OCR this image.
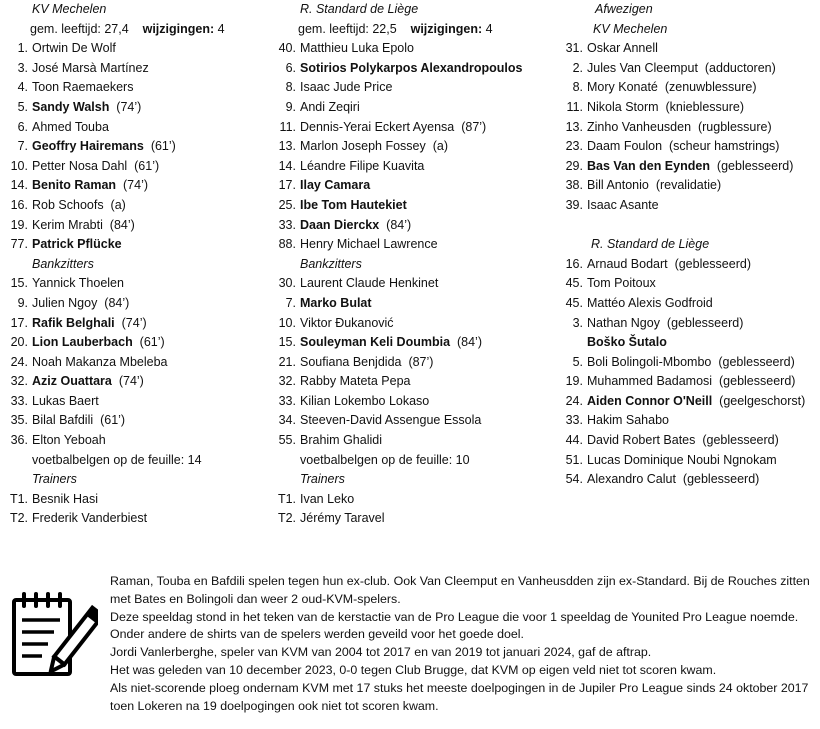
KV Mechelen
gem. leeftijd: 27,4 wijzigingen: 4
1. Ortwin De Wolf
3. José Marsà Martínez
4. Toon Raemaekers
5. Sandy Walsh (74’)
6. Ahmed Touba
7. Geoffry Hairemans (61’)
10. Petter Nosa Dahl (61’)
14. Benito Raman (74’)
16. Rob Schoofs (a)
19. Kerim Mrabti (84’)
77. Patrick Pflücke
Bankzitters
15. Yannick Thoelen
9. Julien Ngoy (84’)
17. Rafik Belghali (74’)
20. Lion Lauberbach (61’)
24. Noah Makanza Mbeleba
32. Aziz Ouattara (74’)
33. Lukas Baert
35. Bilal Bafdili (61’)
36. Elton Yeboah
voetbalbelgen op de feuille: 14
Trainers
T1. Besnik Hasi
T2. Frederik Vanderbiest
R. Standard de Liège
gem. leeftijd: 22,5 wijzigingen: 4
40. Matthieu Luka Epolo
6. Sotirios Polykarpos Alexandropoulos
8. Isaac Jude Price
9. Andi Zeqiri
11. Dennis-Yerai Eckert Ayensa (87’)
13. Marlon Joseph Fossey (a)
14. Léandre Filipe Kuavita
17. Ilay Camara
25. Ibe Tom Hautekiet
33. Daan Dierckx (84’)
88. Henry Michael Lawrence
Bankzitters
30. Laurent Claude Henkinet
7. Marko Bulat
10. Viktor Đukanović
15. Souleyman Keli Doumbia (84’)
21. Soufiana Benjdida (87’)
32. Rabby Mateta Pepa
33. Kilian Lokembo Lokaso
34. Steeven-David Assengue Essola
55. Brahim Ghalidi
voetbalbelgen op de feuille: 10
Trainers
T1. Ivan Leko
T2. Jérémy Taravel
Afwezigen
KV Mechelen
31. Oskar Annell
2. Jules Van Cleemput (adductoren)
8. Mory Konaté (zenuwblessure)
11. Nikola Storm (knieblessure)
13. Zinho Vanheusden (rugblessure)
23. Daam Foulon (scheur hamstrings)
29. Bas Van den Eynden (geblesseerd)
38. Bill Antonio (revalidatie)
39. Isaac Asante
R. Standard de Liège
16. Arnaud Bodart (geblesseerd)
45. Tom Poitoux
45. Mattéo Alexis Godfroid
3. Nathan Ngoy (geblesseerd)
Boško Šutalo
5. Boli Bolingoli-Mbombo (geblesseerd)
19. Muhammed Badamosi (geblesseerd)
24. Aiden Connor O'Neill (geelgeschorst)
33. Hakim Sahabo
44. David Robert Bates (geblesseerd)
51. Lucas Dominique Noubi Ngnokam
54. Alexandro Calut (geblesseerd)
Raman, Touba en Bafdili spelen tegen hun ex-club. Ook Van Cleemput en Vanheusdden zijn ex-Standard. Bij de Rouches zitten met Bates en Bolingoli dan weer 2 oud-KVM-spelers.
Deze speeldag stond in het teken van de kerstactie van de Pro League die voor 1 speeldag de Younited Pro League noemde. Onder andere de shirts van de spelers werden geveild voor het goede doel.
Jordi Vanlerberghe, speler van KVM van 2004 tot 2017 en van 2019 tot januari 2024, gaf de aftrap.
Het was geleden van 10 december 2023, 0-0 tegen Club Brugge, dat KVM op eigen veld niet tot scoren kwam.
Als niet-scorende ploeg ondernam KVM met 17 stuks het meeste doelpogingen in de Jupiler Pro League sinds 24 oktober 2017 toen Lokeren na 19 doelpogingen ook niet tot scoren kwam.
